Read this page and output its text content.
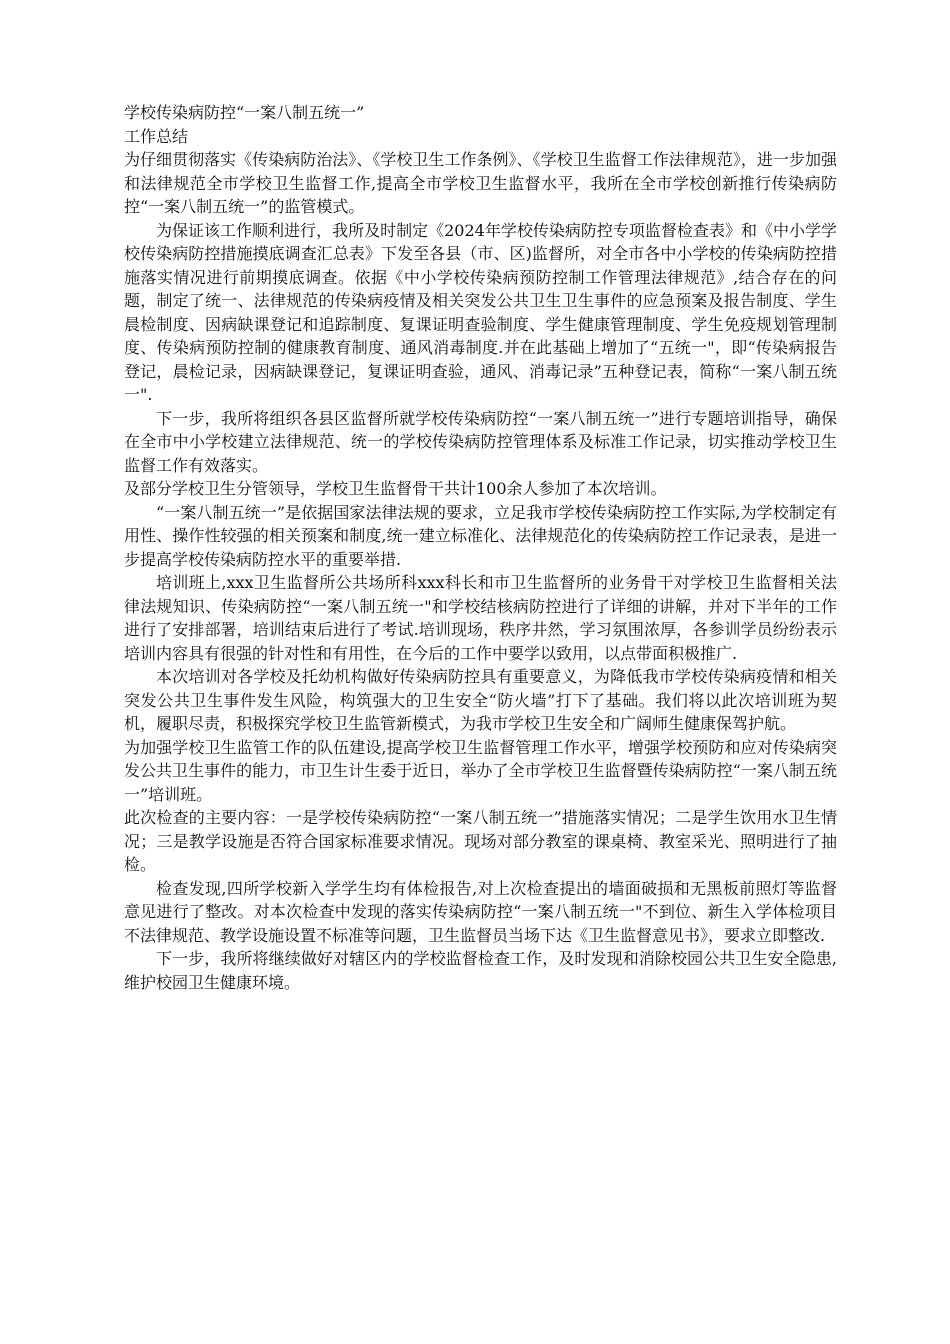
学校传染病防控“一案八制五统一”

工作总结

为仔细贯彻落实《传染病防治法》、《学校卫生工作条例》、《学校卫生监督工作法律规范》，进一步加强和法律规范全市学校卫生监督工作,提高全市学校卫生监督水平，我所在全市学校创新推行传染病防控“一案八制五统一”的监管模式。

为保证该工作顺利进行，我所及时制定《2024年学校传染病防控专项监督检查表》和《中小学学校传染病防控措施摸底调查汇总表》下发至各县（市、区)监督所，对全市各中小学校的传染病防控措施落实情况进行前期摸底调查。依据《中小学校传染病预防控制工作管理法律规范》,结合存在的问题，制定了统一、法律规范的传染病疫情及相关突发公共卫生卫生事件的应急预案及报告制度、学生晨检制度、因病缺课登记和追踪制度、复课证明查验制度、学生健康管理制度、学生免疫规划管理制度、传染病预防控制的健康教育制度、通风消毒制度.并在此基础上增加了“五统一"，即“传染病报告登记，晨检记录，因病缺课登记，复课证明查验，通风、消毒记录”五种登记表，简称“一案八制五统一".

下一步，我所将组织各县区监督所就学校传染病防控“一案八制五统一”进行专题培训指导，确保在全市中小学校建立法律规范、统一的学校传染病防控管理体系及标准工作记录，切实推动学校卫生监督工作有效落实。

及部分学校卫生分管领导，学校卫生监督骨干共计100余人参加了本次培训。

“一案八制五统一”是依据国家法律法规的要求，立足我市学校传染病防控工作实际,为学校制定有用性、操作性较强的相关预案和制度,统一建立标准化、法律规范化的传染病防控工作记录表，是进一步提高学校传染病防控水平的重要举措.

培训班上,xxx卫生监督所公共场所科xxx科长和市卫生监督所的业务骨干对学校卫生监督相关法律法规知识、传染病防控“一案八制五统一"和学校结核病防控进行了详细的讲解，并对下半年的工作进行了安排部署，培训结束后进行了考试.培训现场，秩序井然，学习氛围浓厚，各参训学员纷纷表示培训内容具有很强的针对性和有用性，在今后的工作中要学以致用，以点带面积极推广.

本次培训对各学校及托幼机构做好传染病防控具有重要意义，为降低我市学校传染病疫情和相关突发公共卫生事件发生风险，构筑强大的卫生安全“防火墙”打下了基础。我们将以此次培训班为契机，履职尽责，积极探究学校卫生监管新模式，为我市学校卫生安全和广阔师生健康保驾护航。

为加强学校卫生监管工作的队伍建设,提高学校卫生监督管理工作水平，增强学校预防和应对传染病突发公共卫生事件的能力，市卫生计生委于近日，举办了全市学校卫生监督暨传染病防控“一案八制五统一”培训班。

此次检查的主要内容：一是学校传染病防控“一案八制五统一”措施落实情况；二是学生饮用水卫生情况；三是教学设施是否符合国家标准要求情况。现场对部分教室的课桌椅、教室采光、照明进行了抽检。

检查发现,四所学校新入学学生均有体检报告,对上次检查提出的墙面破损和无黑板前照灯等监督意见进行了整改。对本次检查中发现的落实传染病防控“一案八制五统一"不到位、新生入学体检项目不法律规范、教学设施设置不标准等问题，卫生监督员当场下达《卫生监督意见书》，要求立即整改.

下一步，我所将继续做好对辖区内的学校监督检查工作，及时发现和消除校园公共卫生安全隐患,维护校园卫生健康环境。
